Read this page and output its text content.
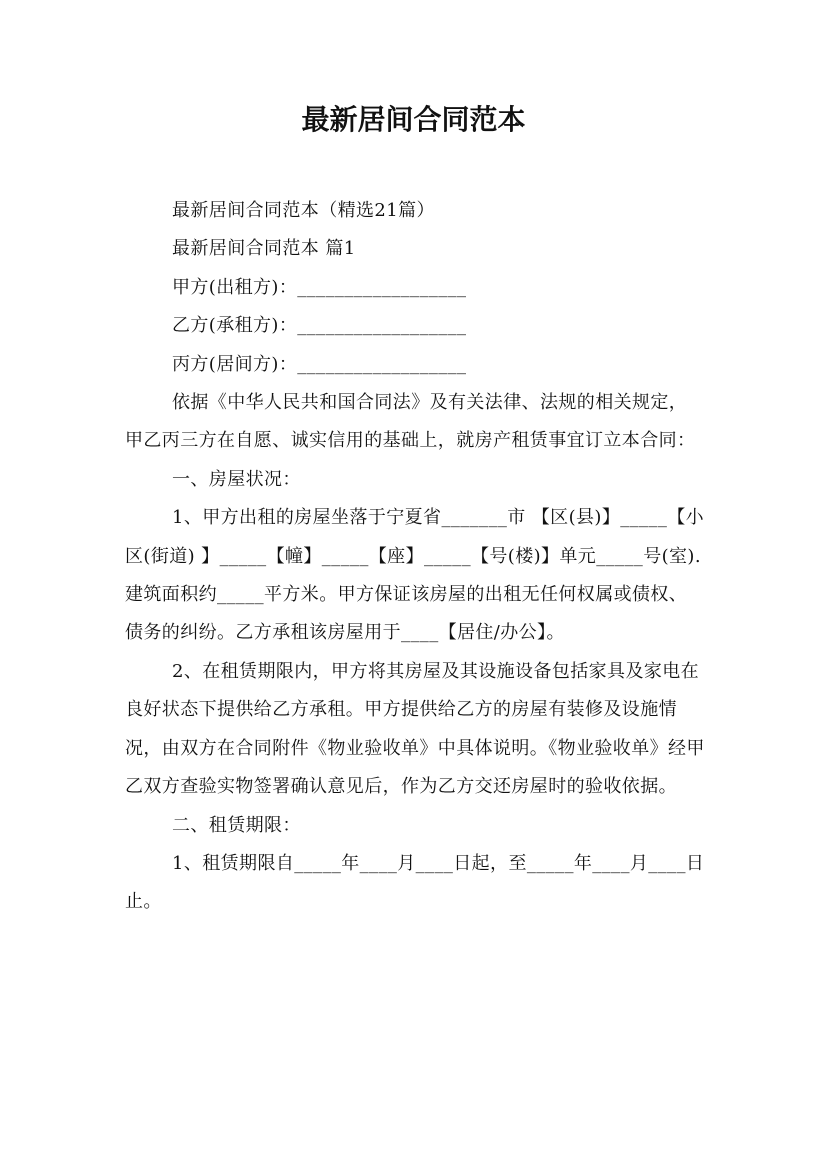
最新居间合同范本

最新居间合同范本（精选21篇）

最新居间合同范本 篇1

甲方(出租方)：__________________

乙方(承租方)：__________________

丙方(居间方)：__________________

依据《中华人民共和国合同法》及有关法律、法规的相关规定，甲乙丙三方在自愿、诚实信用的基础上，就房产租赁事宜订立本合同：

一、房屋状况：

1、甲方出租的房屋坐落于宁夏省_______市 【区(县)】_____【小区(街道) 】_____【幢】_____【座】_____【号(楼)】单元_____号(室).建筑面积约_____平方米。甲方保证该房屋的出租无任何权属或债权、债务的纠纷。乙方承租该房屋用于____【居住/办公】。

2、在租赁期限内，甲方将其房屋及其设施设备包括家具及家电在良好状态下提供给乙方承租。甲方提供给乙方的房屋有装修及设施情况，由双方在合同附件《物业验收单》中具体说明。《物业验收单》经甲乙双方查验实物签署确认意见后，作为乙方交还房屋时的验收依据。

二、租赁期限：

1、租赁期限自_____年____月____日起，至_____年____月____日止。
